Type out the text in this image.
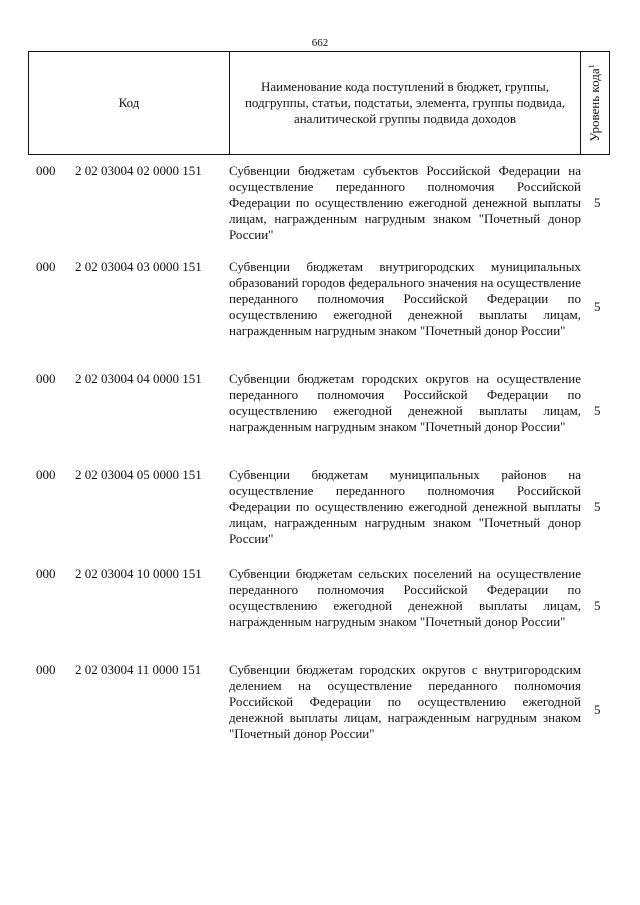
662
Код
Наименование кода поступлений в бюджет, группы, подгруппы, статьи, подстатьи, элемента, группы подвида, аналитической группы подвида доходов	Уровень кода$^1$
000 2 02 03004 02 0000 151 Субвенции бюджетам субъектов Российской Федерации на осуществление переданного полномочия Российской Федерации по осуществлению ежегодной денежной выплаты лицам, награжденным нагрудным знаком "Почетный донор России"
5
000 2 02 03004 03 0000 151 Субвенции бюджетам внутригородских муниципальных образований городов федерального значения на осуществление переданного полномочия Российской Федерации по осуществлению ежегодной денежной выплаты лицам, награжденным нагрудным знаком "Почетный донор России"
5
000 2 02 03004 04 0000 151 Субвенции бюджетам городских округов на осуществление переданного полномочия Российской Федерации по осуществлению ежегодной денежной выплаты лицам, награжденным нагрудным знаком "Почетный донор России"
5
000 2 02 03004 05 0000 151 Субвенции бюджетам муниципальных районов на осуществление переданного полномочия Российской Федерации по осуществлению ежегодной денежной выплаты лицам, награжденным нагрудным знаком "Почетный донор России"
5
000 2 02 03004 10 0000 151 Субвенции бюджетам сельских поселений на осуществление переданного полномочия Российской Федерации по осуществлению ежегодной денежной выплаты лицам, награжденным нагрудным знаком "Почетный донор России"
5
000 2 02 03004 11 0000 151 Субвенции бюджетам городских округов с внутригородским делением на осуществление переданного полномочия Российской Федерации по осуществлению ежегодной денежной выплаты лицам, награжденным нагрудным знаком "Почетный донор России"
5
